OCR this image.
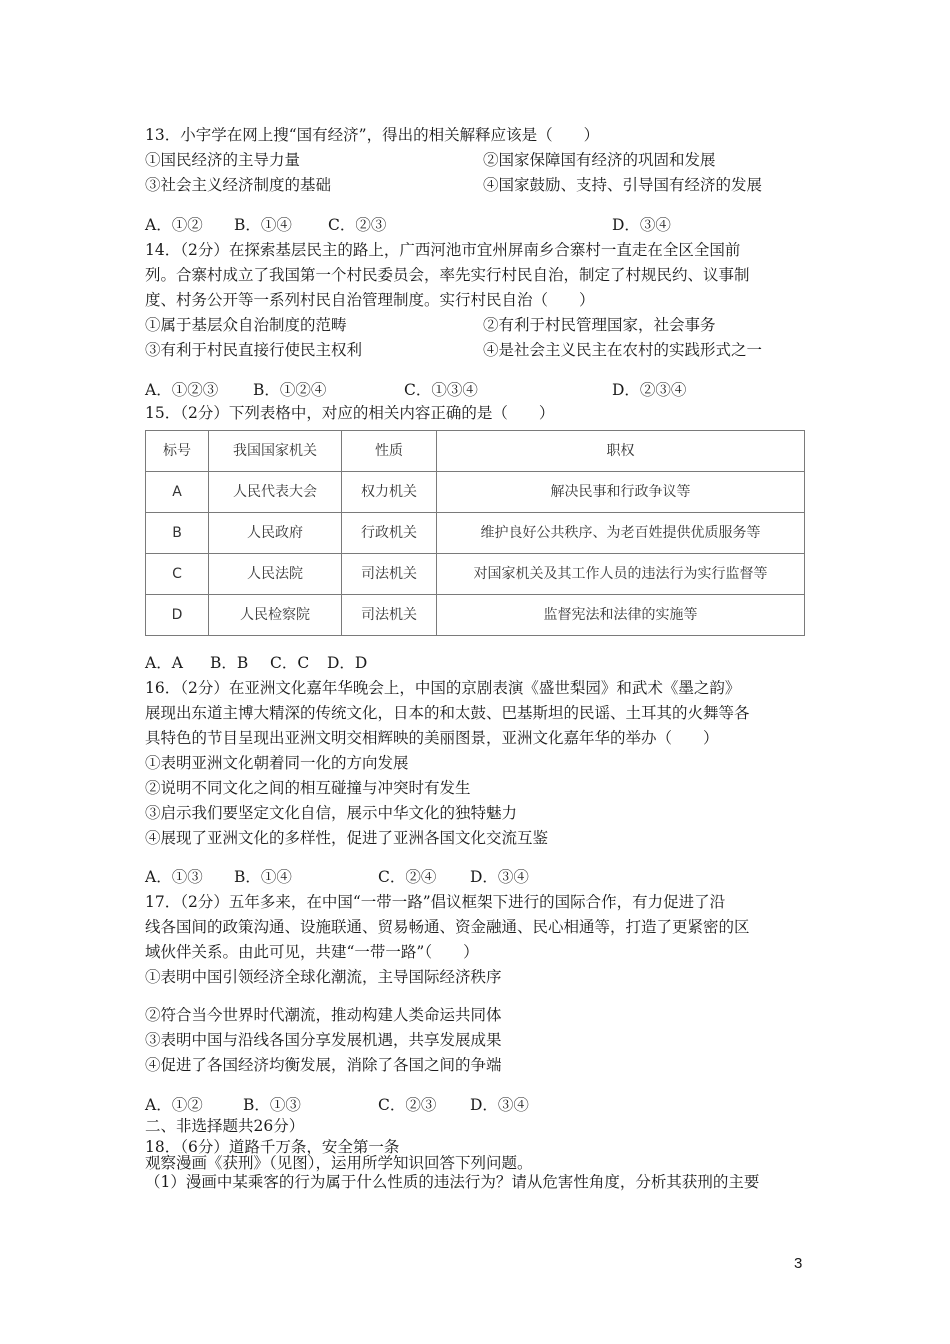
13．小宇学在网上搜“国有经济”，得出的相关解释应该是（　　）
①国民经济的主导力量	②国家保障国有经济的巩固和发展
③社会主义经济制度的基础	④国家鼓励、支持、引导国有经济的发展
A．①② B．①④ C．②③	D．③④
14．（2分）在探索基层民主的路上，广西河池市宜州屏南乡合寨村一直走在全区全国前
列。合寨村成立了我国第一个村民委员会，率先实行村民自治，制定了村规民约、议事制
度、村务公开等一系列村民自治管理制度。实行村民自治（　　）
①属于基层众自治制度的范畴	②有利于村民管理国家，社会事务
③有利于村民直接行使民主权利	④是社会主义民主在农村的实践形式之一
A．①②③ B．①②④	C．①③④	D．②③④
15．（2分）下列表格中，对应的相关内容正确的是（　　）
标号	我国国家机关	性质	职权
A	人民代表大会	权力机关	解决民事和行政争议等
B	人民政府	行政机关	维护良好公共秩序、为老百姓提供优质服务等
C	人民法院	司法机关	对国家机关及其工作人员的违法行为实行监督等
D	人民检察院	司法机关	监督宪法和法律的实施等
A．A B．B C．C D．D
16．（2分）在亚洲文化嘉年华晚会上，中国的京剧表演《盛世梨园》和武术《墨之韵》
展现出东道主博大精深的传统文化，日本的和太鼓、巴基斯坦的民谣、土耳其的火舞等各
具特色的节目呈现出亚洲文明交相辉映的美丽图景，亚洲文化嘉年华的举办（　　）
①表明亚洲文化朝着同一化的方向发展
②说明不同文化之间的相互碰撞与冲突时有发生
③启示我们要坚定文化自信，展示中华文化的独特魅力
④展现了亚洲文化的多样性，促进了亚洲各国文化交流互鉴
A．①③ B．①④	C．②④ D．③④
17．（2分）五年多来，在中国“一带一路”倡议框架下进行的国际合作，有力促进了沿
线各国间的政策沟通、设施联通、贸易畅通、资金融通、民心相通等，打造了更紧密的区
域伙伴关系。由此可见，共建“一带一路”（　　）
①表明中国引领经济全球化潮流，主导国际经济秩序
②符合当今世界时代潮流，推动构建人类命运共同体
③表明中国与沿线各国分享发展机遇，共享发展成果
④促进了各国经济均衡发展，消除了各国之间的争端
A．①②	B．①③	C．②③ D．③④
二、非选择题共26分）
18．（6分）道路千万条，安全第一条
观察漫画《获刑》（见图），运用所学知识回答下列问题。
（1）漫画中某乘客的行为属于什么性质的违法行为？请从危害性角度，分析其获刑的主要
3
